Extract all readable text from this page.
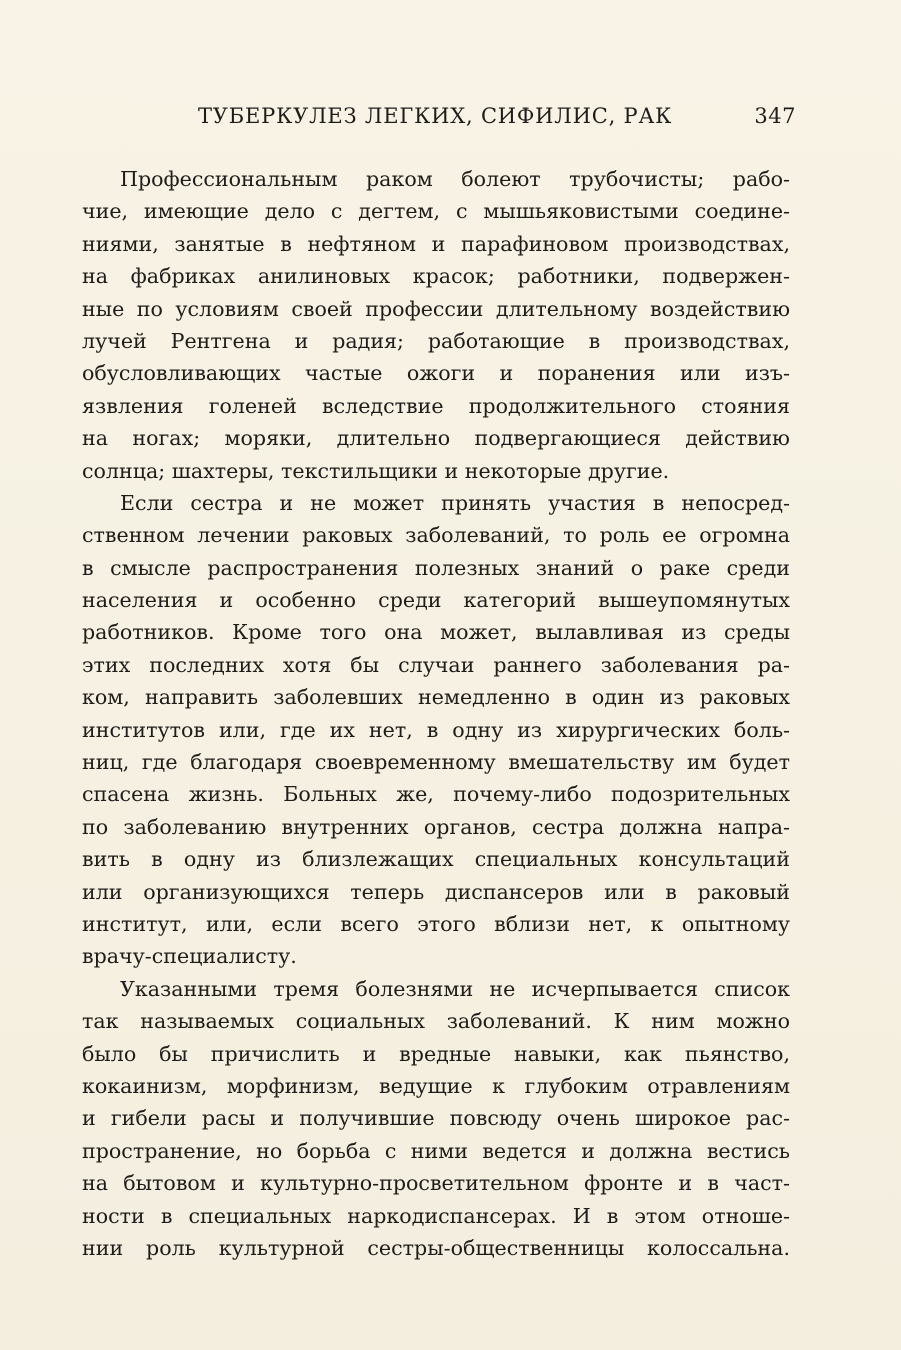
ТУБЕРКУЛЕЗ ЛЕГКИХ, СИФИЛИС, РАК	347
Профессиональным раком болеют трубочисты; рабо-
чие, имеющие дело с дегтем, с мышьяковистыми соедине-
ниями, занятые в нефтяном и парафиновом производствах,
на фабриках анилиновых красок; работники, подвержен-
ные по условиям своей профессии длительному воздействию
лучей Рентгена и радия; работающие в производствах,
обусловливающих частые ожоги и поранения или изъ-
язвления голеней вследствие продолжительного стояния
на ногах; моряки, длительно подвергающиеся действию
солнца; шахтеры, текстильщики и некоторые другие.
Если сестра и не может принять участия в непосред-
ственном лечении раковых заболеваний, то роль ее огромна
в смысле распространения полезных знаний о раке среди
населения и особенно среди категорий вышеупомянутых
работников. Кроме того она может, вылавливая из среды
этих последних хотя бы случаи раннего заболевания ра-
ком, направить заболевших немедленно в один из раковых
институтов или, где их нет, в одну из хирургических боль-
ниц, где благодаря своевременному вмешательству им будет
спасена жизнь. Больных же, почему-либо подозрительных
по заболеванию внутренних органов, сестра должна напра-
вить в одну из близлежащих специальных консультаций
или организующихся теперь диспансеров или в раковый
институт, или, если всего этого вблизи нет, к опытному
врачу-специалисту.
Указанными тремя болезнями не исчерпывается список
так называемых социальных заболеваний. К ним можно
было бы причислить и вредные навыки, как пьянство,
кокаинизм, морфинизм, ведущие к глубоким отравлениям
и гибели расы и получившие повсюду очень широкое рас-
пространение, но борьба с ними ведется и должна вестись
на бытовом и культурно-просветительном фронте и в част-
ности в специальных наркодиспансерах. И в этом отноше-
нии роль культурной сестры-общественницы колоссальна.
